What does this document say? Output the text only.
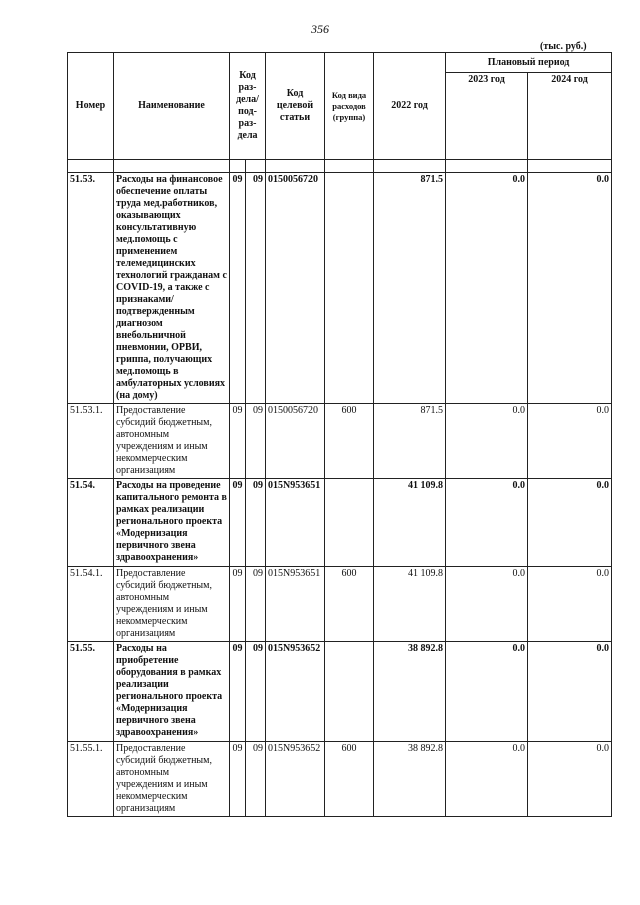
356
(тыс. руб.)
Номер	Наименование	Код раз-дела/ под-раз-дела		Код целевой статьи	Код вида расходов (группа)	2022 год	Плановый период	
							2023 год	2024 год

51.53.	Расходы на финансовое обеспечение оплаты труда мед.работников, оказывающих консультативную мед.помощь с применением телемедицинских технологий гражданам с COVID-19, а также с признаками/подтвержденным диагнозом внебольничной пневмонии, ОРВИ, гриппа, получающих мед.помощь в амбулаторных условиях (на дому)	09	09	0150056720		871.5	0.0	0.0
51.53.1.	Предоставление субсидий бюджетным, автономным учреждениям и иным некоммерческим организациям	09	09	0150056720	600	871.5	0.0	0.0
51.54.	Расходы на проведение капитального ремонта в рамках реализации регионального проекта «Модернизация первичного звена здравоохранения»	09	09	015N953651		41 109.8	0.0	0.0
51.54.1.	Предоставление субсидий бюджетным, автономным учреждениям и иным некоммерческим организациям	09	09	015N953651	600	41 109.8	0.0	0.0
51.55.	Расходы на приобретение оборудования в рамках реализации регионального проекта «Модернизация первичного звена здравоохранения»	09	09	015N953652		38 892.8	0.0	0.0
51.55.1.	Предоставление субсидий бюджетным, автономным учреждениям и иным некоммерческим организациям	09	09	015N953652	600	38 892.8	0.0	0.0
